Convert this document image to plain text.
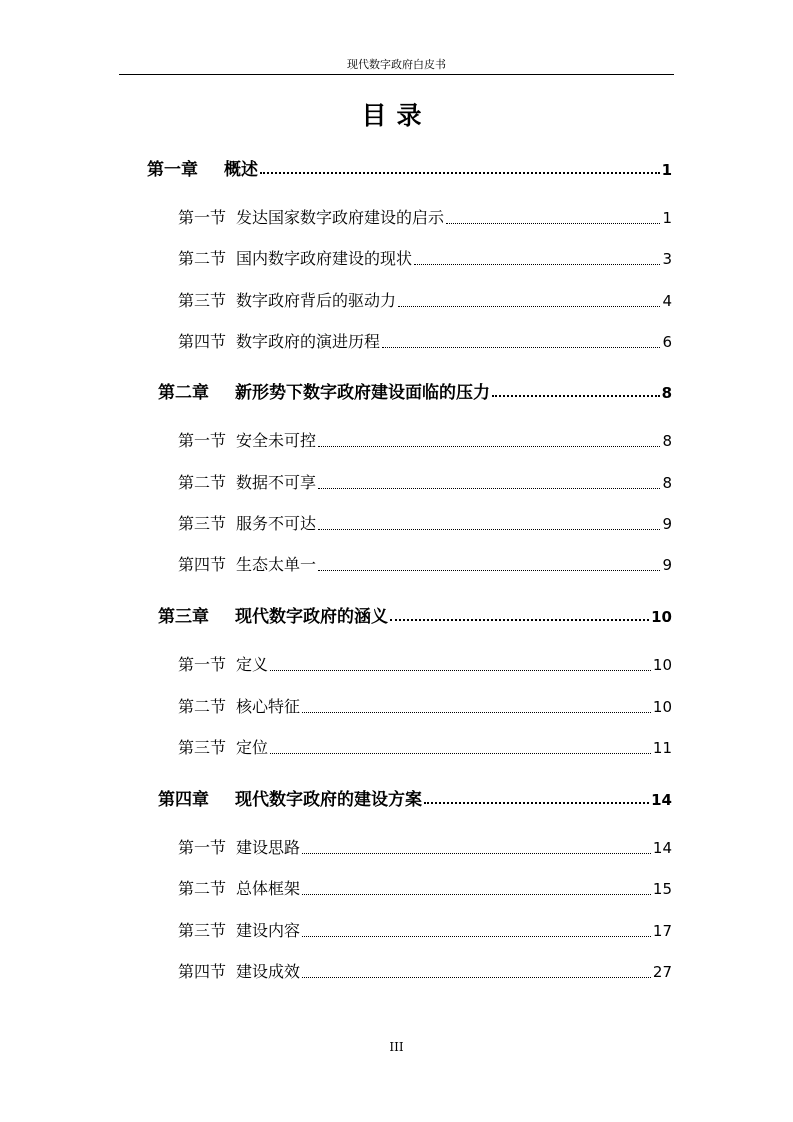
现代数字政府白皮书
目录
第一章 概述	1
第一节 发达国家数字政府建设的启示	1
第二节 国内数字政府建设的现状	3
第三节 数字政府背后的驱动力	4
第四节 数字政府的演进历程	6
第二章 新形势下数字政府建设面临的压力	8
第一节 安全未可控	8
第二节 数据不可享	8
第三节 服务不可达	9
第四节 生态太单一	9
第三章 现代数字政府的涵义	10
第一节 定义	10
第二节 核心特征	10
第三节 定位	11
第四章 现代数字政府的建设方案	14
第一节 建设思路	14
第二节 总体框架	15
第三节 建设内容	17
第四节 建设成效	27
III
